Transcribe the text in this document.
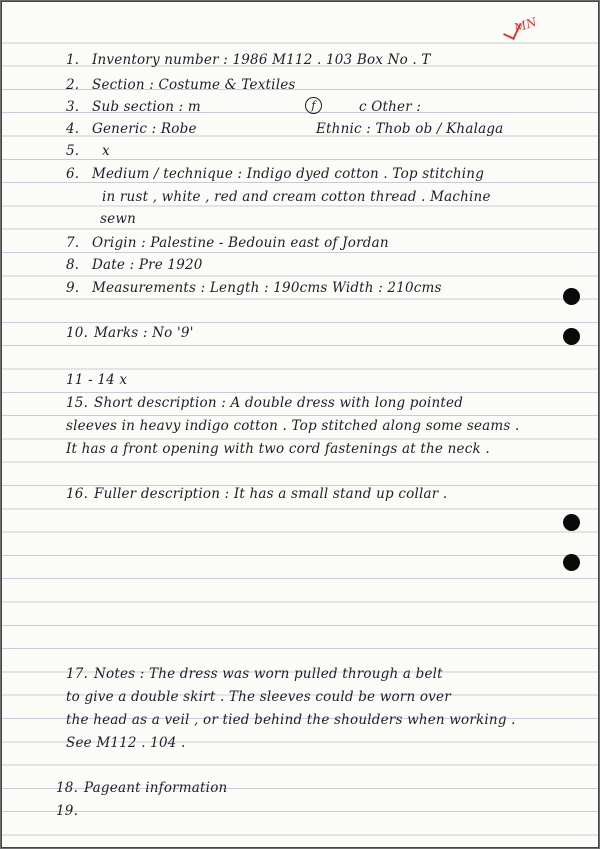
MN
1. Inventory number : 1986 M112 . 103 Box No . T
2. Section : Costume & Textiles
3. Sub section : m	f	c Other :
4. Generic : Robe	Ethnic : Thob ob / Khalaga
5. x
6. Medium / technique : Indigo dyed cotton . Top stitching
in rust , white , red and cream cotton thread . Machine
sewn
7. Origin : Palestine - Bedouin east of Jordan
8. Date : Pre 1920
9. Measurements : Length : 190cms Width : 210cms
10. Marks : No '9'
11 - 14 x
15. Short description : A double dress with long pointed
sleeves in heavy indigo cotton . Top stitched along some seams .
It has a front opening with two cord fastenings at the neck .
16. Fuller description : It has a small stand up collar .
17. Notes : The dress was worn pulled through a belt
to give a double skirt . The sleeves could be worn over
the head as a veil , or tied behind the shoulders when working .
See M112 . 104 .
18. Pageant information
19.
